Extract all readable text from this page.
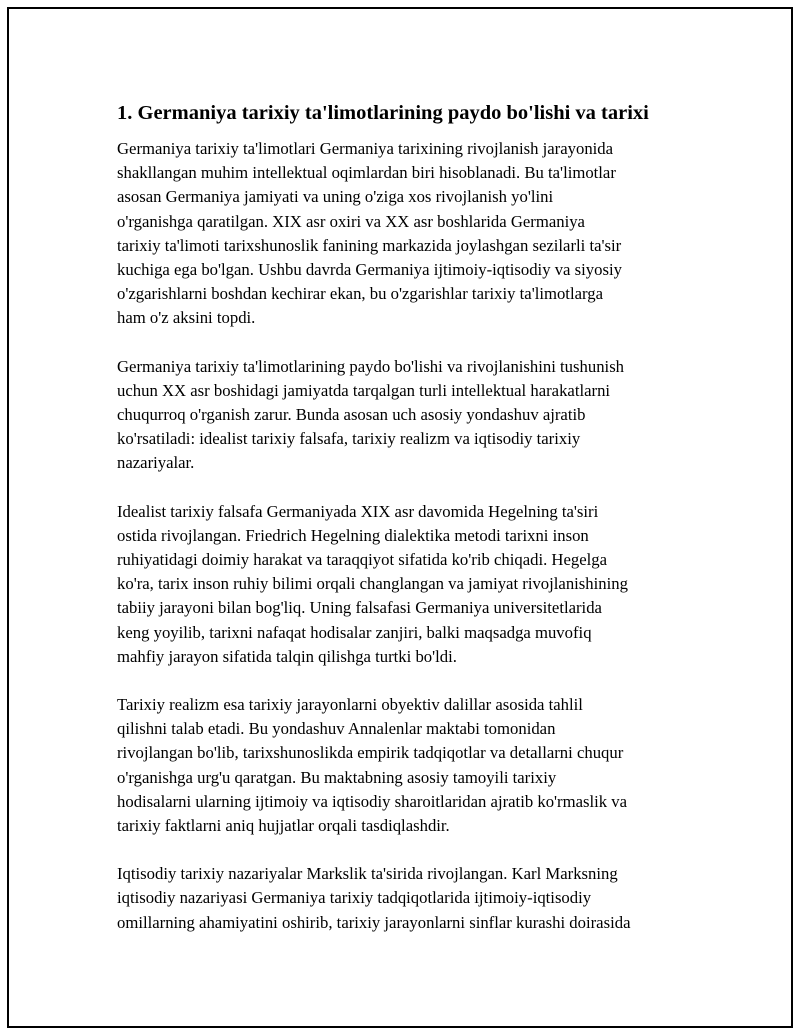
1. Germaniya tarixiy ta'limotlarining paydo bo'lishi va tarixi
Germaniya tarixiy ta'limotlari Germaniya tarixining rivojlanish jarayonida
shakllangan muhim intellektual oqimlardan biri hisoblanadi. Bu ta'limotlar
asosan Germaniya jamiyati va uning o'ziga xos rivojlanish yo'lini
o'rganishga qaratilgan. XIX asr oxiri va XX asr boshlarida Germaniya
tarixiy ta'limoti tarixshunoslik fanining markazida joylashgan sezilarli ta'sir
kuchiga ega bo'lgan. Ushbu davrda Germaniya ijtimoiy-iqtisodiy va siyosiy
o'zgarishlarni boshdan kechirar ekan, bu o'zgarishlar tarixiy ta'limotlarga
ham o'z aksini topdi.
Germaniya tarixiy ta'limotlarining paydo bo'lishi va rivojlanishini tushunish
uchun XX asr boshidagi jamiyatda tarqalgan turli intellektual harakatlarni
chuqurroq o'rganish zarur. Bunda asosan uch asosiy yondashuv ajratib
ko'rsatiladi: idealist tarixiy falsafa, tarixiy realizm va iqtisodiy tarixiy
nazariyalar.
Idealist tarixiy falsafa Germaniyada XIX asr davomida Hegelning ta'siri
ostida rivojlangan. Friedrich Hegelning dialektika metodi tarixni inson
ruhiyatidagi doimiy harakat va taraqqiyot sifatida ko'rib chiqadi. Hegelga
ko'ra, tarix inson ruhiy bilimi orqali changlangan va jamiyat rivojlanishining
tabiiy jarayoni bilan bog'liq. Uning falsafasi Germaniya universitetlarida
keng yoyilib, tarixni nafaqat hodisalar zanjiri, balki maqsadga muvofiq
mahfiy jarayon sifatida talqin qilishga turtki bo'ldi.
Tarixiy realizm esa tarixiy jarayonlarni obyektiv dalillar asosida tahlil
qilishni talab etadi. Bu yondashuv Annalenlar maktabi tomonidan
rivojlangan bo'lib, tarixshunoslikda empirik tadqiqotlar va detallarni chuqur
o'rganishga urg'u qaratgan. Bu maktabning asosiy tamoyili tarixiy
hodisalarni ularning ijtimoiy va iqtisodiy sharoitlaridan ajratib ko'rmaslik va
tarixiy faktlarni aniq hujjatlar orqali tasdiqlashdir.
Iqtisodiy tarixiy nazariyalar Markslik ta'sirida rivojlangan. Karl Marksning
iqtisodiy nazariyasi Germaniya tarixiy tadqiqotlarida ijtimoiy-iqtisodiy
omillarning ahamiyatini oshirib, tarixiy jarayonlarni sinflar kurashi doirasida
